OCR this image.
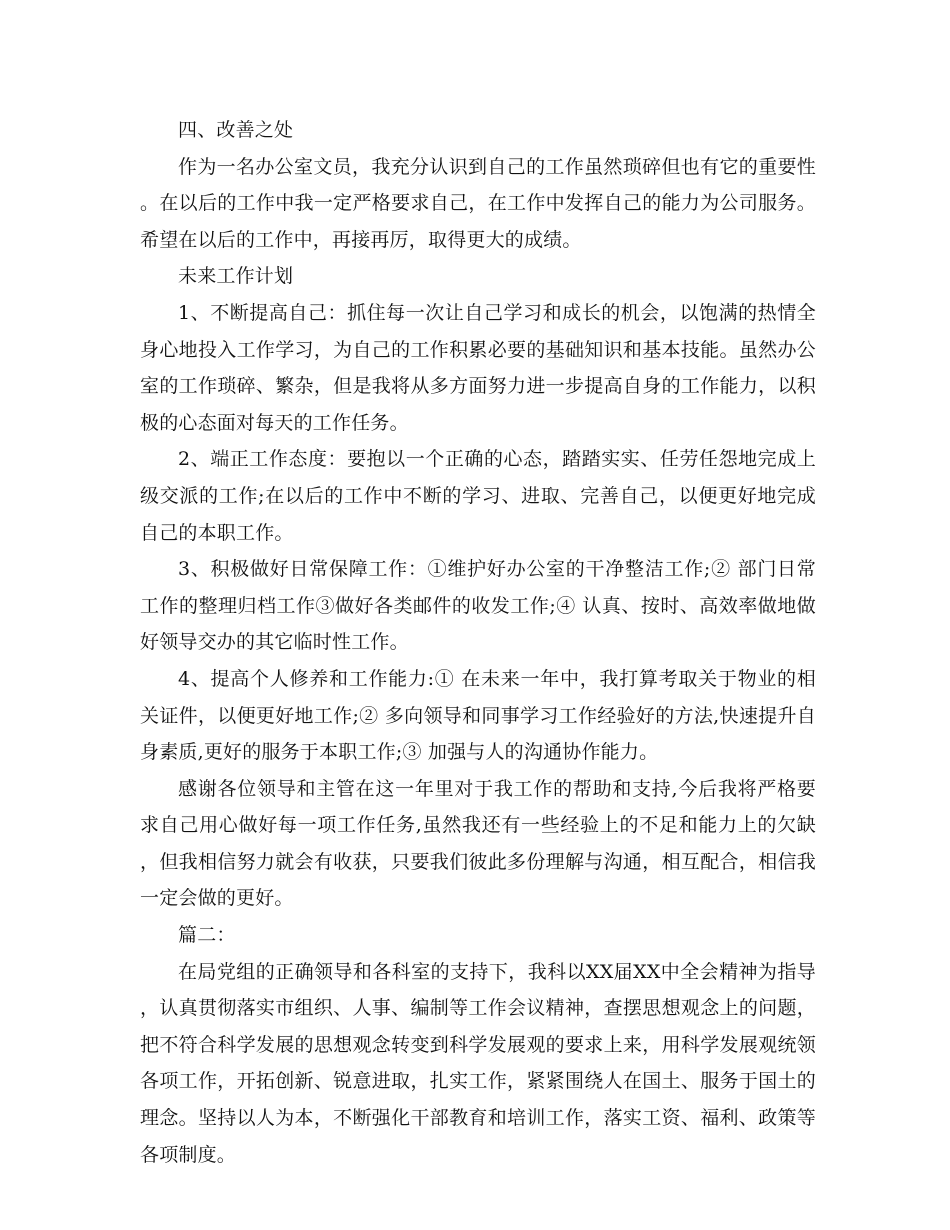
四、改善之处

作为一名办公室文员，我充分认识到自己的工作虽然琐碎但也有它的重要性。在以后的工作中我一定严格要求自己，在工作中发挥自己的能力为公司服务。希望在以后的工作中，再接再厉，取得更大的成绩。

未来工作计划

1、不断提高自己：抓住每一次让自己学习和成长的机会，以饱满的热情全身心地投入工作学习，为自己的工作积累必要的基础知识和基本技能。虽然办公室的工作琐碎、繁杂，但是我将从多方面努力进一步提高自身的工作能力，以积极的心态面对每天的工作任务。

2、端正工作态度：要抱以一个正确的心态，踏踏实实、任劳任怨地完成上级交派的工作;在以后的工作中不断的学习、进取、完善自己，以便更好地完成自己的本职工作。

3、积极做好日常保障工作：①维护好办公室的干净整洁工作;② 部门日常工作的整理归档工作③做好各类邮件的收发工作;④ 认真、按时、高效率做地做好领导交办的其它临时性工作。

4、提高个人修养和工作能力:① 在未来一年中，我打算考取关于物业的相关证件，以便更好地工作;② 多向领导和同事学习工作经验好的方法,快速提升自身素质,更好的服务于本职工作;③ 加强与人的沟通协作能力。

感谢各位领导和主管在这一年里对于我工作的帮助和支持,今后我将严格要求自己用心做好每一项工作任务,虽然我还有一些经验上的不足和能力上的欠缺，但我相信努力就会有收获，只要我们彼此多份理解与沟通，相互配合，相信我一定会做的更好。

篇二：

在局党组的正确领导和各科室的支持下，我科以XX届XX中全会精神为指导，认真贯彻落实市组织、人事、编制等工作会议精神，查摆思想观念上的问题，把不符合科学发展的思想观念转变到科学发展观的要求上来，用科学发展观统领各项工作，开拓创新、锐意进取，扎实工作，紧紧围绕人在国土、服务于国土的理念。坚持以人为本，不断强化干部教育和培训工作，落实工资、福利、政策等各项制度。
